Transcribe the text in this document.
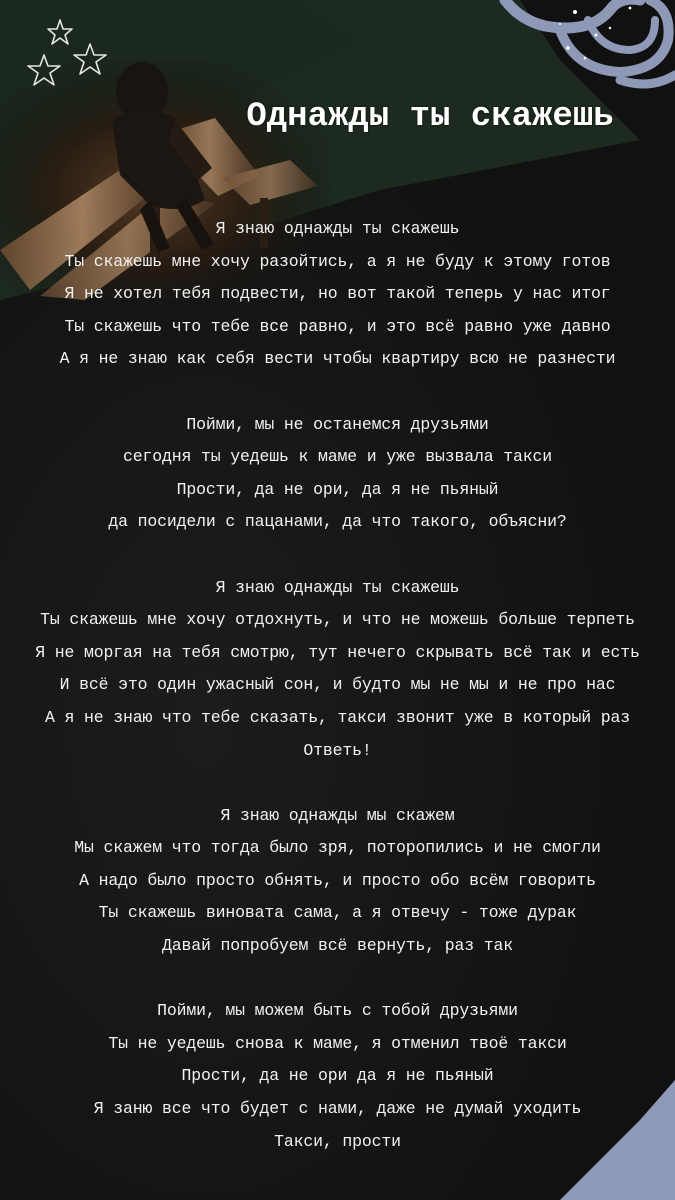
Однажды ты скажешь
Я знаю однажды ты скажешь
Ты скажешь мне хочу разойтись, а я не буду к этому готов
Я не хотел тебя подвести, но вот такой теперь у нас итог
Ты скажешь что тебе все равно, и это всё равно уже давно
А я не знаю как себя вести чтобы квартиру всю не разнести
Пойми, мы не останемся друзьями
сегодня ты уедешь к маме и уже вызвала такси
Прости, да не ори, да я не пьяный
да посидели с пацанами, да что такого, объясни?
Я знаю однажды ты скажешь
Ты скажешь мне хочу отдохнуть, и что не можешь больше терпеть
Я не моргая на тебя смотрю, тут нечего скрывать всё так и есть
И всё это один ужасный сон, и будто мы не мы и не про нас
А я не знаю что тебе сказать, такси звонит уже в который раз
Ответь!
Я знаю однажды мы скажем
Мы скажем что тогда было зря, поторопились и не смогли
А надо было просто обнять, и просто обо всём говорить
Ты скажешь виновата сама, а я отвечу - тоже дурак
Давай попробуем всё вернуть, раз так
Пойми, мы можем быть с тобой друзьями
Ты не уедешь снова к маме, я отменил твоё такси
Прости, да не ори да я не пьяный
Я заню все что будет с нами, даже не думай уходить
Такси, прости
